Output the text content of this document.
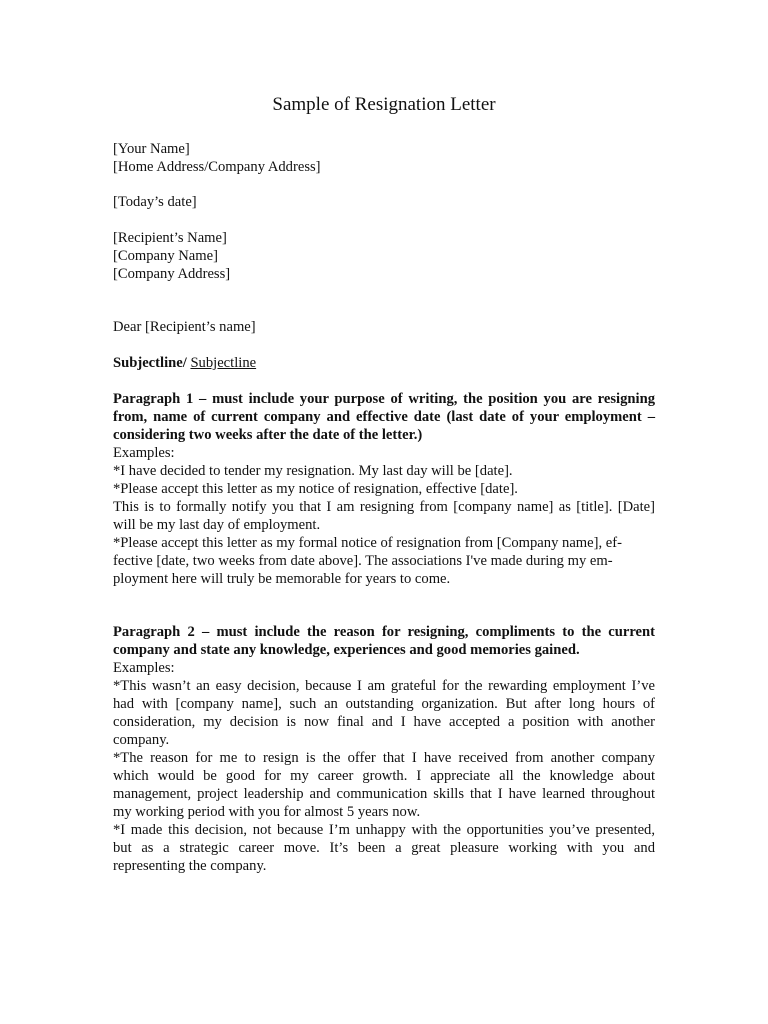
Sample of Resignation Letter
[Your Name]
[Home Address/Company Address]
[Today’s date]
[Recipient’s Name]
[Company Name]
[Company Address]
Dear [Recipient’s name]
Subjectline/ Subjectline
Paragraph 1 – must include your purpose of writing, the position you are resigning
from, name of current company and effective date (last date of your employment –
considering two weeks after the date of the letter.)
Examples:
*I have decided to tender my resignation. My last day will be [date].
*Please accept this letter as my notice of resignation, effective [date].
This is to formally notify you that I am resigning from [company name] as [title]. [Date]
will be my last day of employment.
*Please accept this letter as my formal notice of resignation from [Company name], ef-
fective [date, two weeks from date above]. The associations I've made during my em-
ployment here will truly be memorable for years to come.
Paragraph 2 – must include the reason for resigning, compliments to the current
company and state any knowledge, experiences and good memories gained.
Examples:
*This wasn’t an easy decision, because I am grateful for the rewarding employment I’ve
had with [company name], such an outstanding organization. But after long hours of
consideration, my decision is now final and I have accepted a position with another
company.
*The reason for me to resign is the offer that I have received from another company
which would be good for my career growth. I appreciate all the knowledge about
management, project leadership and communication skills that I have learned throughout
my working period with you for almost 5 years now.
*I made this decision, not because I’m unhappy with the opportunities you’ve presented,
but as a strategic career move. It’s been a great pleasure working with you and
representing the company.
